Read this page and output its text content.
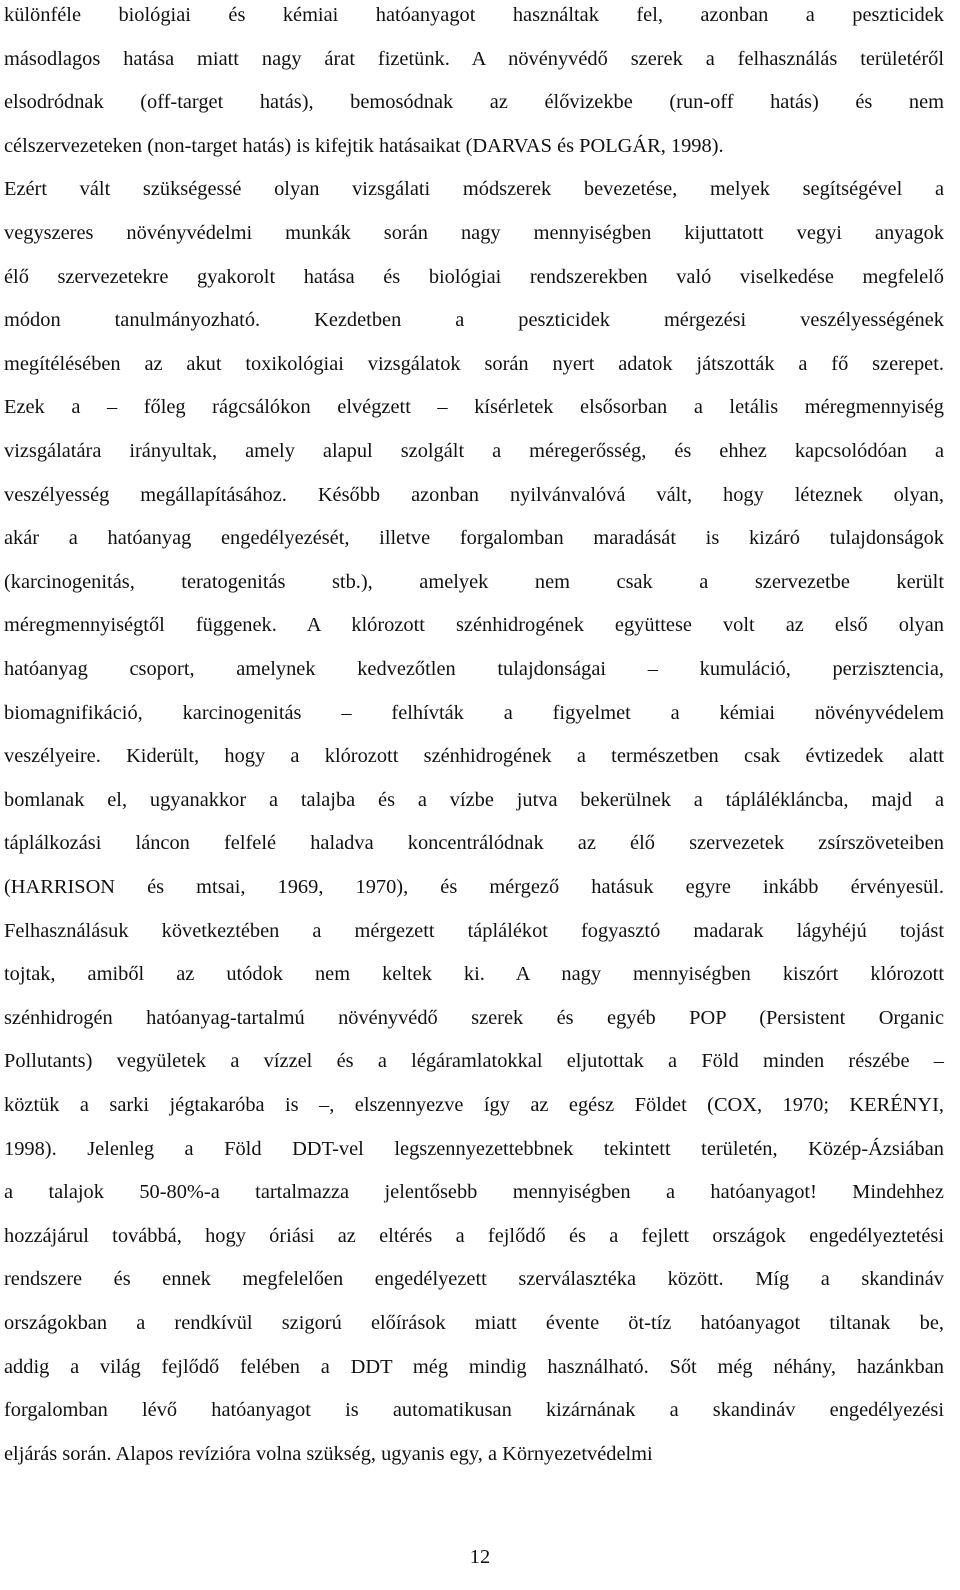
különféle biológiai és kémiai hatóanyagot használtak fel, azonban a peszticidek
másodlagos hatása miatt nagy árat fizetünk. A növényvédő szerek a felhasználás területéről
elsodródnak (off-target hatás), bemosódnak az élővizekbe (run-off hatás) és nem
célszervezeteken (non-target hatás) is kifejtik hatásaikat (DARVAS és POLGÁR, 1998).
Ezért vált szükségessé olyan vizsgálati módszerek bevezetése, melyek segítségével a
vegyszeres növényvédelmi munkák során nagy mennyiségben kijuttatott vegyi anyagok
élő szervezetekre gyakorolt hatása és biológiai rendszerekben való viselkedése megfelelő
módon tanulmányozható. Kezdetben a peszticidek mérgezési veszélyességének
megítélésében az akut toxikológiai vizsgálatok során nyert adatok játszották a fő szerepet.
Ezek a – főleg rágcsálókon elvégzett – kísérletek elsősorban a letális méregmennyiség
vizsgálatára irányultak, amely alapul szolgált a méregerősség, és ehhez kapcsolódóan a
veszélyesség megállapításához. Később azonban nyilvánvalóvá vált, hogy léteznek olyan,
akár a hatóanyag engedélyezését, illetve forgalomban maradását is kizáró tulajdonságok
(karcinogenitás, teratogenitás stb.), amelyek nem csak a szervezetbe került
méregmennyiségtől függenek. A klórozott szénhidrogének együttese volt az első olyan
hatóanyag csoport, amelynek kedvezőtlen tulajdonságai – kumuláció, perzisztencia,
biomagnifikáció, karcinogenitás – felhívták a figyelmet a kémiai növényvédelem
veszélyeire. Kiderült, hogy a klórozott szénhidrogének a természetben csak évtizedek alatt
bomlanak el, ugyanakkor a talajba és a vízbe jutva bekerülnek a táplálékláncba, majd a
táplálkozási láncon felfelé haladva koncentrálódnak az élő szervezetek zsírszöveteiben
(HARRISON és mtsai, 1969, 1970), és mérgező hatásuk egyre inkább érvényesül.
Felhasználásuk következtében a mérgezett táplálékot fogyasztó madarak lágyhéjú tojást
tojtak, amiből az utódok nem keltek ki. A nagy mennyiségben kiszórt klórozott
szénhidrogén hatóanyag-tartalmú növényvédő szerek és egyéb POP (Persistent Organic
Pollutants) vegyületek a vízzel és a légáramlatokkal eljutottak a Föld minden részébe –
köztük a sarki jégtakaróba is –, elszennyezve így az egész Földet (COX, 1970; KERÉNYI,
1998). Jelenleg a Föld DDT-vel legszennyezettebbnek tekintett területén, Közép-Ázsiában
a talajok 50-80%-a tartalmazza jelentősebb mennyiségben a hatóanyagot! Mindehhez
hozzájárul továbbá, hogy óriási az eltérés a fejlődő és a fejlett országok engedélyeztetési
rendszere és ennek megfelelően engedélyezett szerválasztéka között. Míg a skandináv
országokban a rendkívül szigorú előírások miatt évente öt-tíz hatóanyagot tiltanak be,
addig a világ fejlődő felében a DDT még mindig használható. Sőt még néhány, hazánkban
forgalomban lévő hatóanyagot is automatikusan kizárnának a skandináv engedélyezési
eljárás során. Alapos revízióra volna szükség, ugyanis egy, a Környezetvédelmi
12
